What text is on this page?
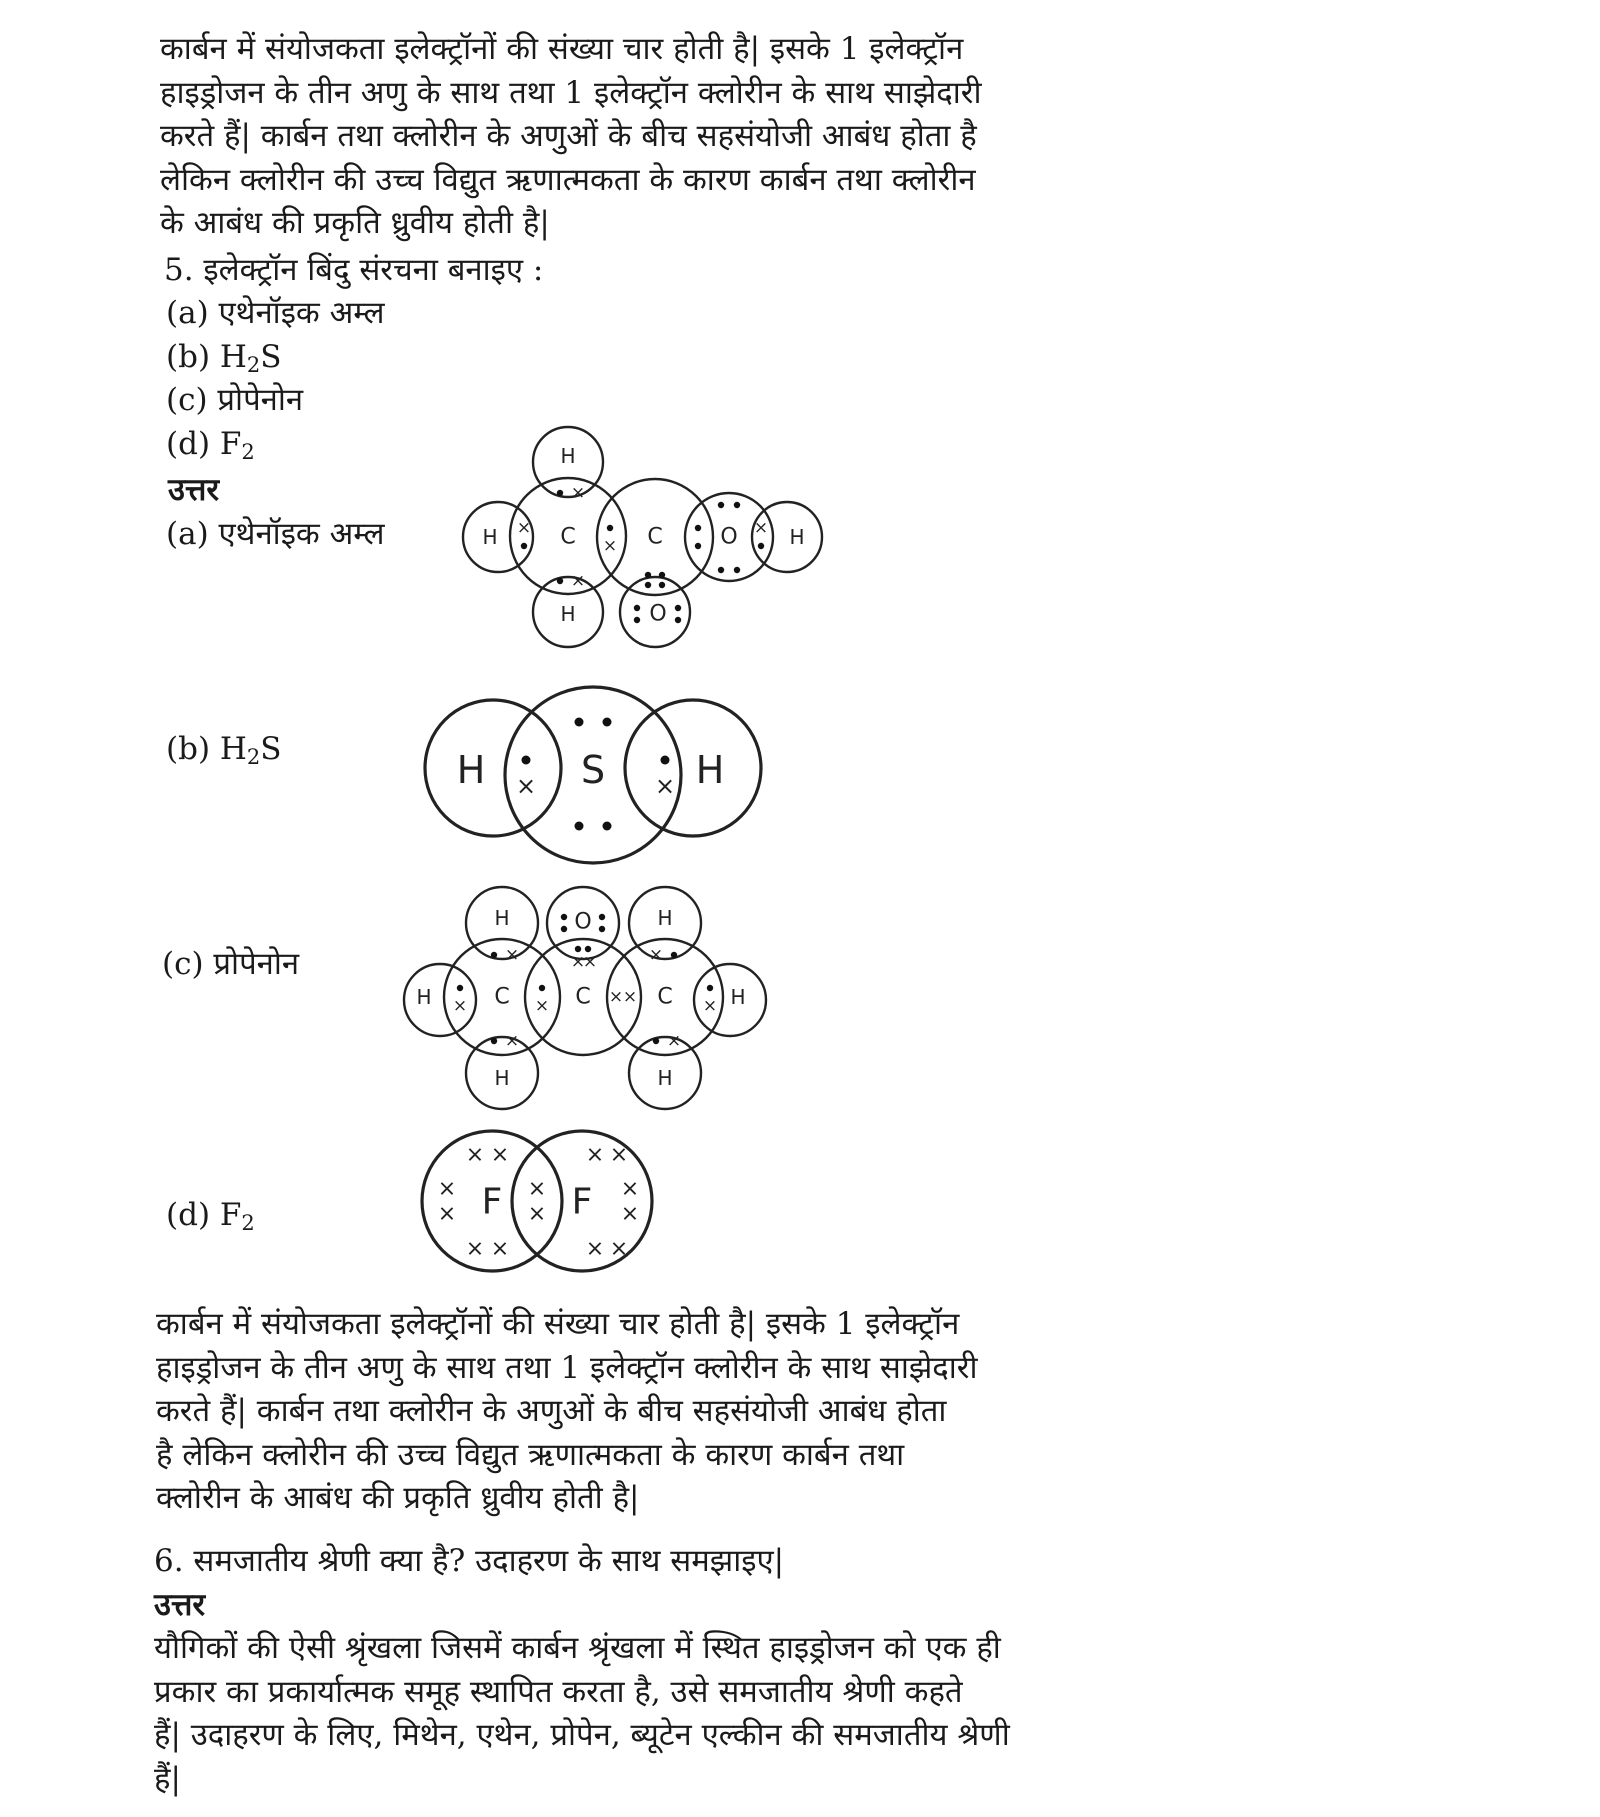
कार्बन में संयोजकता इलेक्ट्रॉनों की संख्या चार होती है| इसके 1 इलेक्ट्रॉन
हाइड्रोजन के तीन अणु के साथ तथा 1 इलेक्ट्रॉन क्लोरीन के साथ साझेदारी
करते हैं| कार्बन तथा क्लोरीन के अणुओं के बीच सहसंयोजी आबंध होता है
लेकिन क्लोरीन की उच्च विद्युत ऋणात्मकता के कारण कार्बन तथा क्लोरीन
के आबंध की प्रकृति ध्रुवीय होती है|
5. इलेक्ट्रॉन बिंदु संरचना बनाइए :
(a) एथेनॉइक अम्ल
(b) $H_2S$
(c) प्रोपेनोन
(d) $F_2$
उत्तर
(a) एथेनॉइक अम्ल
(b) $H_2S$
(c) प्रोपेनोन
(d) $F_2$
H
H	C	C	O	H
H	O
×
×
×
×
×
H	S H
×	×
H	O	H
H	C	C	C	H
H	H
×	×
×	×
×	×
×	× ×
×
×
F F
× ×
× ×
×
×
×
×
× ×
× ×
×
×
कार्बन में संयोजकता इलेक्ट्रॉनों की संख्या चार होती है| इसके 1 इलेक्ट्रॉन
हाइड्रोजन के तीन अणु के साथ तथा 1 इलेक्ट्रॉन क्लोरीन के साथ साझेदारी
करते हैं| कार्बन तथा क्लोरीन के अणुओं के बीच सहसंयोजी आबंध होता
है लेकिन क्लोरीन की उच्च विद्युत ऋणात्मकता के कारण कार्बन तथा
क्लोरीन के आबंध की प्रकृति ध्रुवीय होती है|
6. समजातीय श्रेणी क्या है? उदाहरण के साथ समझाइए|
उत्तर
यौगिकों की ऐसी श्रृंखला जिसमें कार्बन श्रृंखला में स्थित हाइड्रोजन को एक ही
प्रकार का प्रकार्यात्मक समूह स्थापित करता है, उसे समजातीय श्रेणी कहते
हैं| उदाहरण के लिए, मिथेन, एथेन, प्रोपेन, ब्यूटेन एल्कीन की समजातीय श्रेणी
हैं|
